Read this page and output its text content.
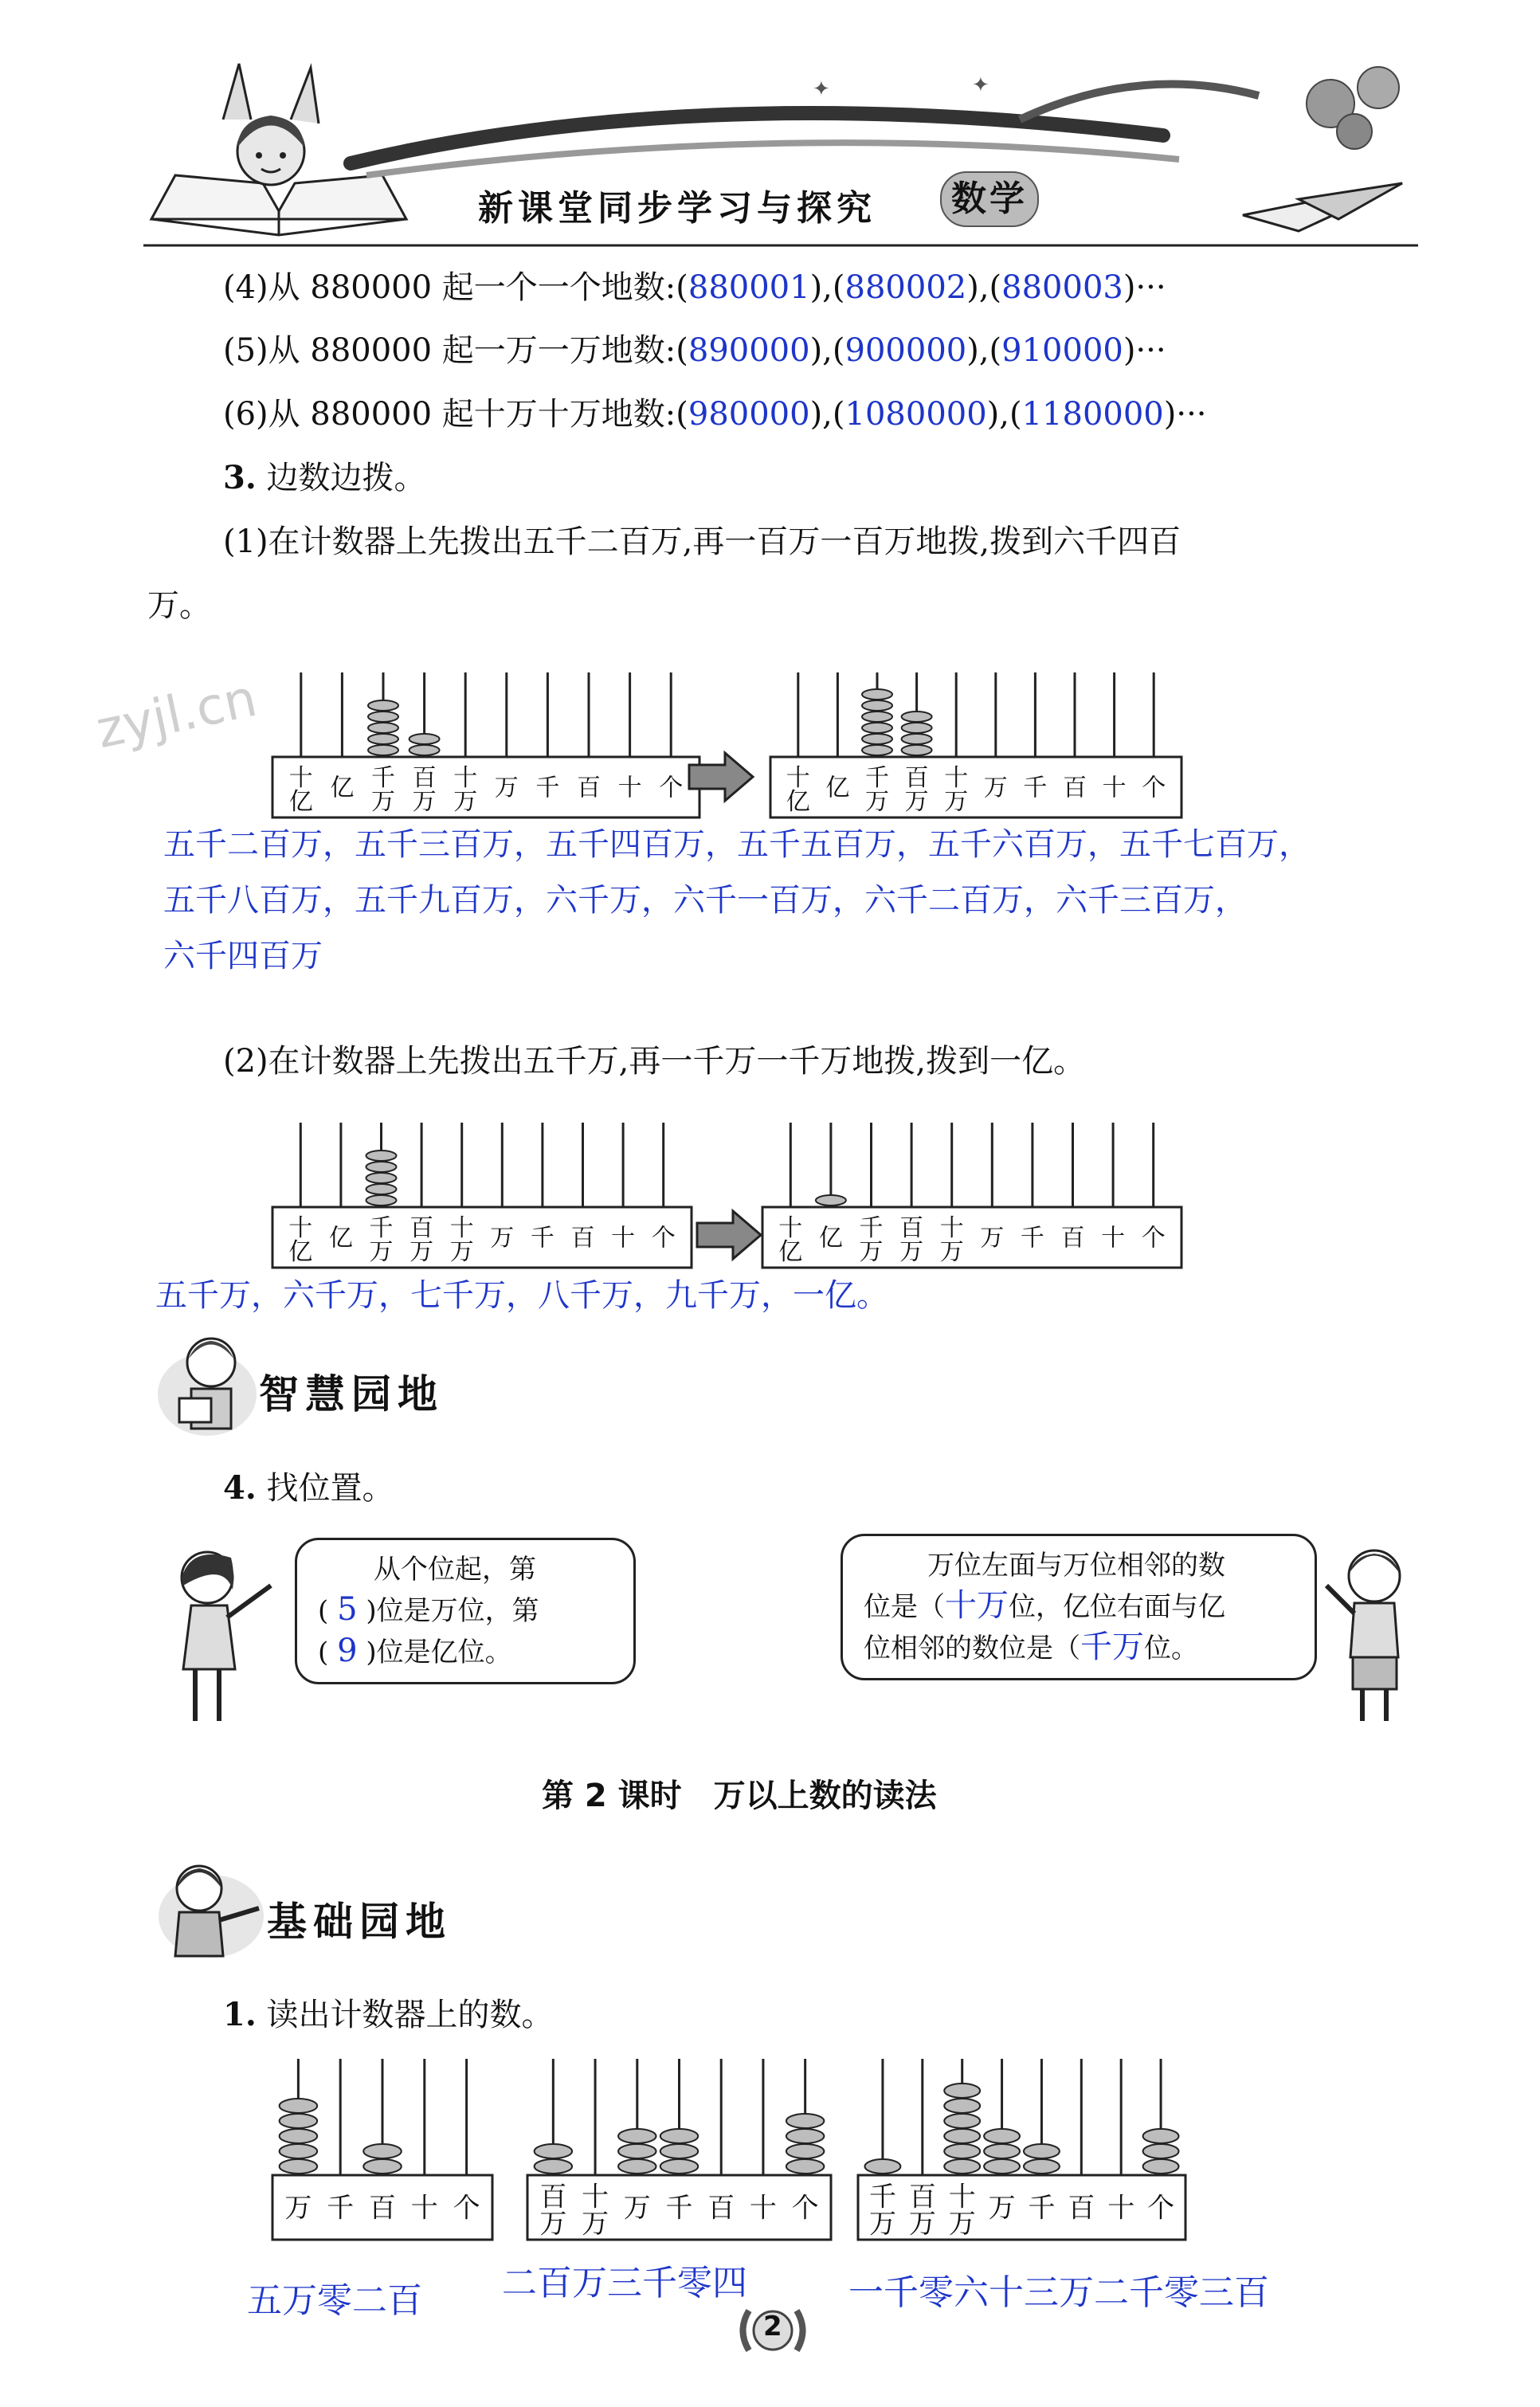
✦	✦
新课堂同步学习与探究	数学
(4)从 880000 起一个一个地数:(880001),(880002),(880003)···
(5)从 880000 起一万一万地数:(890000),(900000),(910000)···
(6)从 880000 起十万十万地数:(980000),(1080000),(1180000)···
3. 边数边拨。
(1)在计数器上先拨出五千二百万,再一百万一百万地拨,拨到六千四百
万。
zyjl.cn
十
亿 亿 千
万
百
万
十
万 万 千 百 十 个	十
亿 亿 千
万
百
万
十
万 万 千 百 十 个
五千二百万，五千三百万，五千四百万，五千五百万，五千六百万，五千七百万，
五千八百万，五千九百万，六千万，六千一百万，六千二百万，六千三百万，
六千四百万
(2)在计数器上先拨出五千万,再一千万一千万地拨,拨到一亿。
十
亿 亿 千
万
百
万
十
万 万 千 百 十 个	十
亿 亿 千
万
百
万
十
万 万 千 百 十 个
五千万，六千万，七千万，八千万，九千万，一亿。
智慧园地
4. 找位置。
从个位起，第
( 5 )位是万位，第
( 9 )位是亿位。
万位左面与万位相邻的数
位是（十万位，亿位右面与亿
位相邻的数位是（千万位。
第 2 课时　万以上数的读法
基础园地
1. 读出计数器上的数。
万 千 百 十 个 百
万
十
万
万 千 百 十 个 千
万
百
万
十
万
万 千 百 十 个
五万零二百 二百万三千零四	一千零六十三万二千零三百
2
